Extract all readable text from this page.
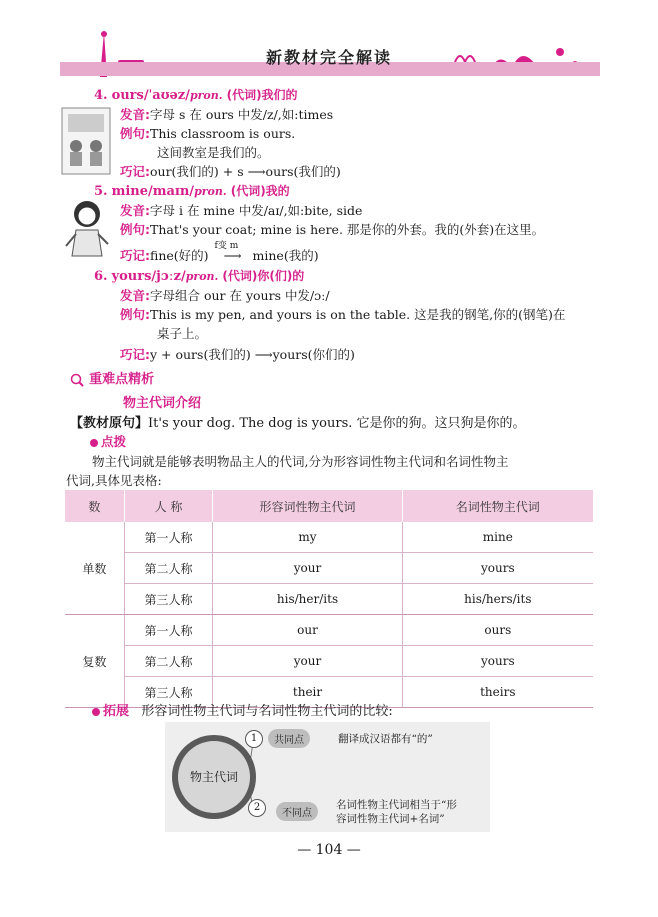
新教材完全解读
4. ours/ˈaʊəz/pron. (代词)我们的
发音:字母 s 在 ours 中发/z/,如:times
例句:This classroom is ours.
这间教室是我们的。
巧记:our(我们的) + s ⟶ours(我们的)
5. mine/maɪn/pron. (代词)我的
发音:字母 i 在 mine 中发/aɪ/,如:bite, side
例句:That's your coat; mine is here. 那是你的外套。我的(外套)在这里。
巧记:fine(好的)
f变 m
⟶ mine(我的)
6. yours/jɔːz/pron. (代词)你(们)的
发音:字母组合 our 在 yours 中发/ɔː/
例句:This is my pen, and yours is on the table. 这是我的钢笔,你的(钢笔)在
桌子上。
巧记:y + ours(我们的) ⟶yours(你们的)
重难点精析
物主代词介绍
【教材原句】It's your dog. The dog is yours. 它是你的狗。这只狗是你的。
点拨
物主代词就是能够表明物品主人的代词,分为形容词性物主代词和名词性物主
代词,具体见表格:
数	人 称	形容词性物主代词	名词性物主代词
单数	第一人称	my	mine
	第二人称	your	yours
	第三人称	his/her/its	his/hers/its
复数	第一人称	our	ours
	第二人称	your	yours
	第三人称	their	theirs
拓展 形容词性物主代词与名词性物主代词的比较:
物主代词
1	共同点	翻译成汉语都有“的”
2
不同点
名词性物主代词相当于“形
容词性物主代词+名词”
— 104 —
